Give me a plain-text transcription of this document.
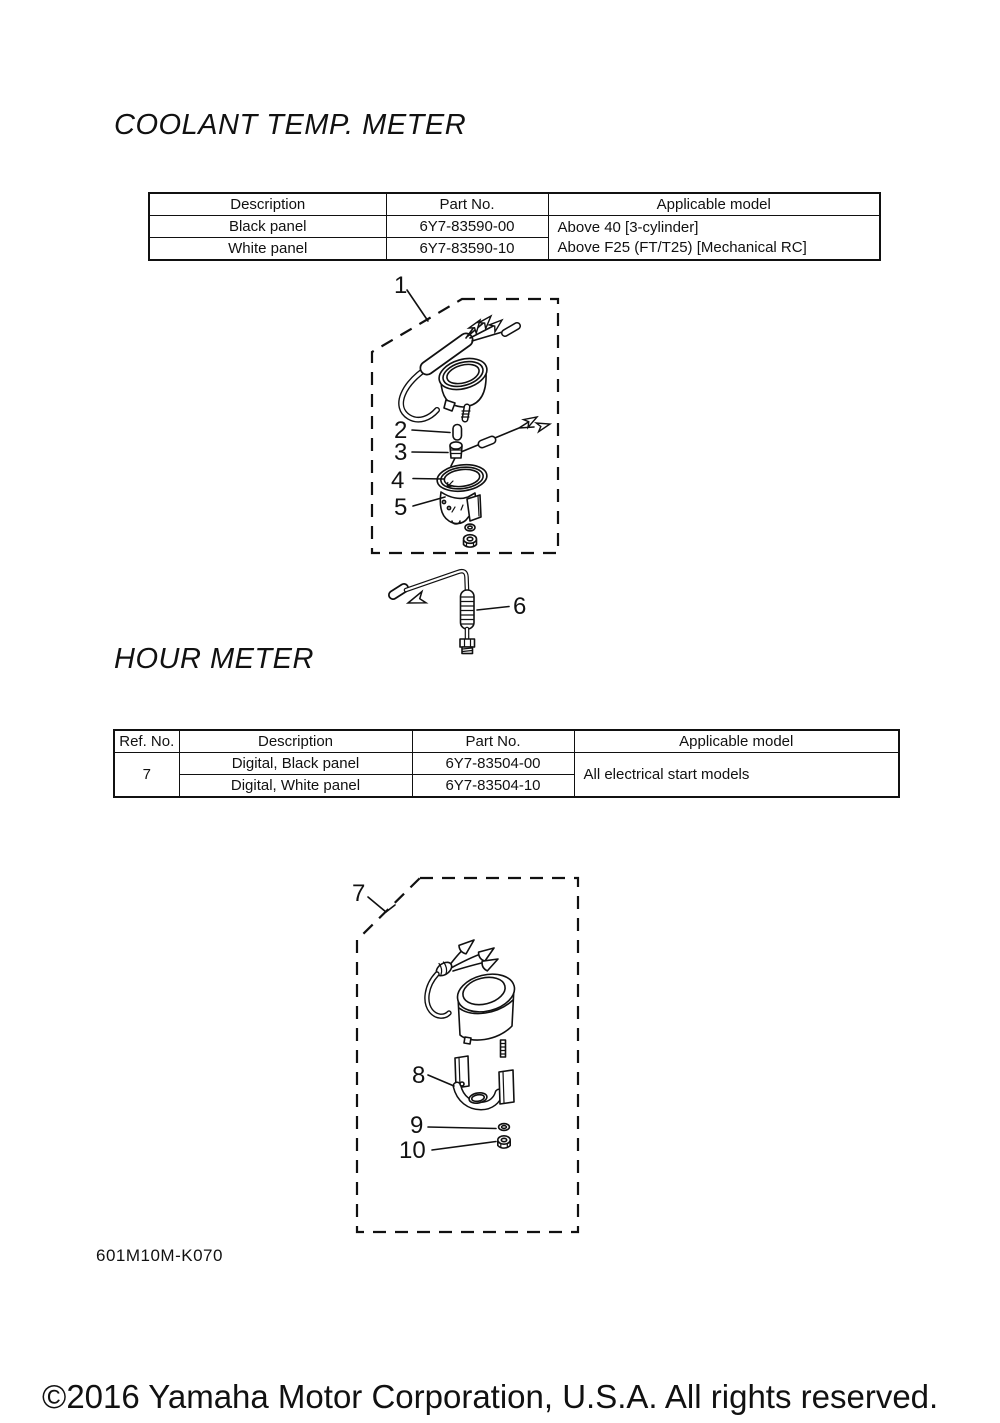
COOLANT TEMP. METER
Description	Part No.	Applicable model
Black panel	6Y7-83590-00	Above 40 [3-cylinder]
Above F25 (FT/T25) [Mechanical RC]

White panel	6Y7-83590-10	
1
2
3
4
5
6
HOUR METER
Ref. No.	Description	Part No.	Applicable model
7	Digital, Black panel	6Y7-83504-00	All electrical start models
	Digital, White panel	6Y7-83504-10	
7
8
9
10
601M10M-K070
©2016 Yamaha Motor Corporation, U.S.A. All rights reserved.
